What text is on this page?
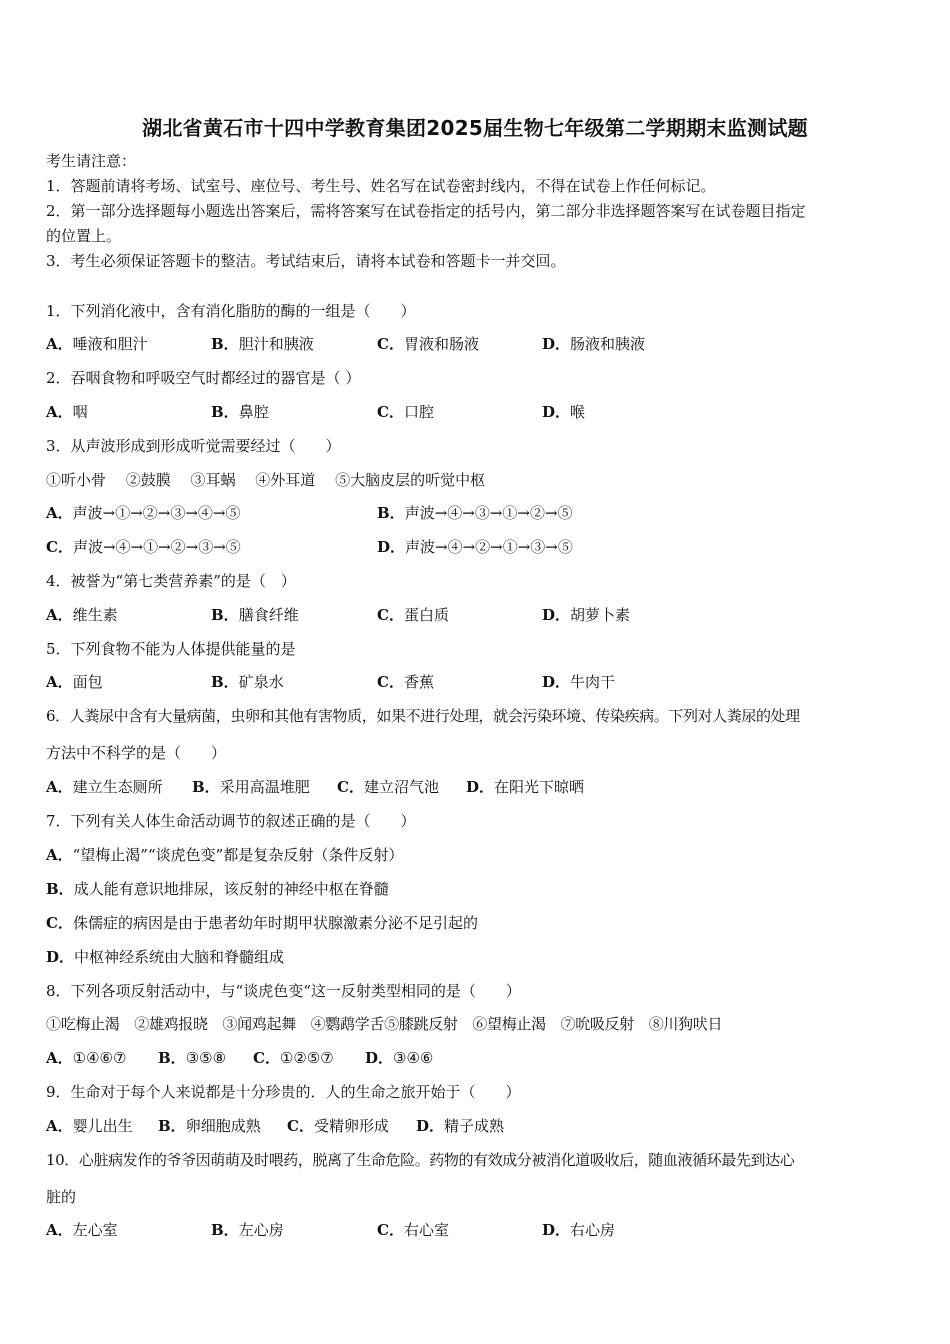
湖北省黄石市十四中学教育集团2025届生物七年级第二学期期末监测试题
考生请注意：
1．答题前请将考场、试室号、座位号、考生号、姓名写在试卷密封线内，不得在试卷上作任何标记。
2．第一部分选择题每小题选出答案后，需将答案写在试卷指定的括号内，第二部分非选择题答案写在试卷题目指定
的位置上。
3．考生必须保证答题卡的整洁。考试结束后，请将本试卷和答题卡一并交回。
1．下列消化液中，含有消化脂肪的酶的一组是（　　）
A．唾液和胆汁	B．胆汁和胰液	C．胃液和肠液	D．肠液和胰液
2．吞咽食物和呼吸空气时都经过的器官是（ ）
A．咽	B．鼻腔	C．口腔	D．喉
3．从声波形成到形成听觉需要经过（　　）
①听小骨　 ②鼓膜　 ③耳蜗　 ④外耳道　 ⑤大脑皮层的听觉中枢
A．声波→①→②→③→④→⑤	B．声波→④→③→①→②→⑤
C．声波→④→①→②→③→⑤	D．声波→④→②→①→③→⑤
4．被誉为“第七类营养素”的是（　）
A．维生素	B．膳食纤维	C．蛋白质	D．胡萝卜素
5．下列食物不能为人体提供能量的是
A．面包	B．矿泉水	C．香蕉	D．牛肉干
6．人粪尿中含有大量病菌，虫卵和其他有害物质，如果不进行处理，就会污染环境、传染疾病。下列对人粪尿的处理
方法中不科学的是（　　）
A．建立生态厕所 B．采用高温堆肥 C．建立沼气池 D．在阳光下晾晒
7．下列有关人体生命活动调节的叙述正确的是（　　）
A．“望梅止渴”“谈虎色变”都是复杂反射（条件反射）
B．成人能有意识地排尿，该反射的神经中枢在脊髓
C．侏儒症的病因是由于患者幼年时期甲状腺激素分泌不足引起的
D．中枢神经系统由大脑和脊髓组成
8．下列各项反射活动中，与“谈虎色变“这一反射类型相同的是（　　）
①吃梅止渴　②雄鸡报晓　③闻鸡起舞　④鹦鹉学舌⑤膝跳反射　⑥望梅止渴　⑦吮吸反射　⑧川狗吠日
A．①④⑥⑦ B．③⑤⑧ C．①②⑤⑦ D．③④⑥
9．生命对于每个人来说都是十分珍贵的．人的生命之旅开始于（　　）
A．婴儿出生 B．卵细胞成熟 C．受精卵形成 D．精子成熟
10．心脏病发作的爷爷因萌萌及时喂药，脱离了生命危险。药物的有效成分被消化道吸收后，随血液循环最先到达心
脏的
A．左心室	B．左心房	C．右心室	D．右心房
